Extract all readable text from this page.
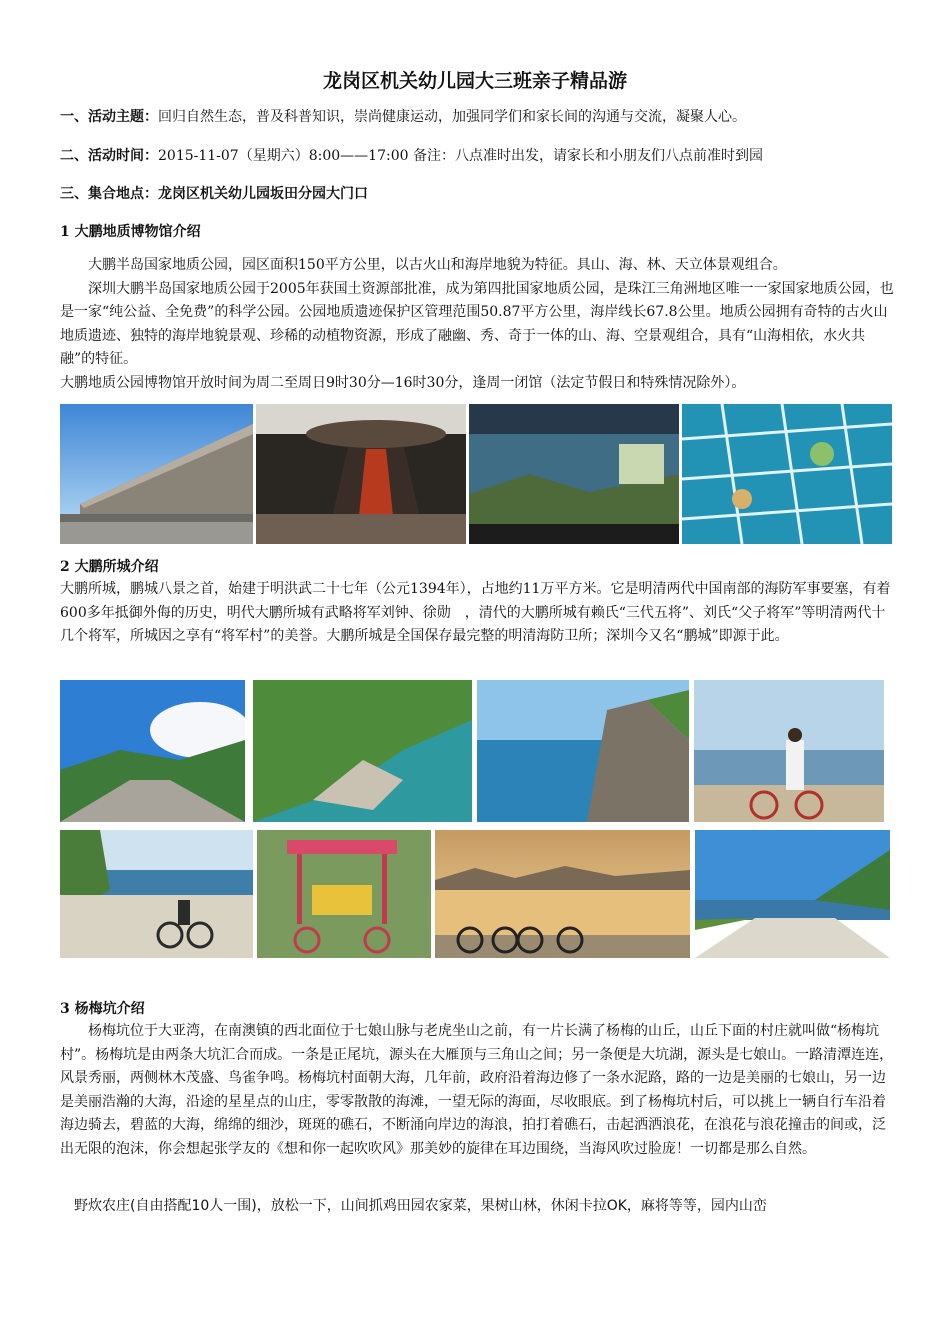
龙岗区机关幼儿园大三班亲子精品游
一、活动主题：回归自然生态，普及科普知识，崇尚健康运动，加强同学们和家长间的沟通与交流，凝聚人心。
二、活动时间：2015-11-07（星期六）8:00——17:00 备注：八点准时出发，请家长和小朋友们八点前准时到园
三、集合地点：龙岗区机关幼儿园坂田分园大门口
1 大鹏地质博物馆介绍

大鹏半岛国家地质公园，园区面积150平方公里，以古火山和海岸地貌为特征。具山、海、林、天立体景观组合。

深圳大鹏半岛国家地质公园于2005年获国土资源部批准，成为第四批国家地质公园，是珠江三角洲地区唯一一家国家地质公园，也是一家“纯公益、全免费”的科学公园。公园地质遗迹保护区管理范围50.87平方公里，海岸线长67.8公里。地质公园拥有奇特的古火山地质遗迹、独特的海岸地貌景观、珍稀的动植物资源，形成了融幽、秀、奇于一体的山、海、空景观组合，具有“山海相依，水火共融”的特征。

大鹏地质公园博物馆开放时间为周二至周日9时30分—16时30分，逢周一闭馆（法定节假日和特殊情况除外）。

2 大鹏所城介绍

大鹏所城，鹏城八景之首，始建于明洪武二十七年（公元1394年），占地约11万平方米。它是明清两代中国南部的海防军事要塞，有着600多年抵御外侮的历史，明代大鹏所城有武略将军刘钟、徐勋　，清代的大鹏所城有赖氏“三代五将”、刘氏“父子将军”等明清两代十几个将军，所城因之享有“将军村”的美誉。大鹏所城是全国保存最完整的明清海防卫所；深圳今又名“鹏城”即源于此。

3 杨梅坑介绍

杨梅坑位于大亚湾，在南澳镇的西北面位于七娘山脉与老虎坐山之前，有一片长满了杨梅的山丘，山丘下面的村庄就叫做“杨梅坑村”。杨梅坑是由两条大坑汇合而成。一条是正尾坑，源头在大雁顶与三角山之间；另一条便是大坑湖，源头是七娘山。一路清潭连连，风景秀丽，两侧林木茂盛、鸟雀争鸣。杨梅坑村面朝大海，几年前，政府沿着海边修了一条水泥路，路的一边是美丽的七娘山，另一边是美丽浩瀚的大海，沿途的星星点的山庄，零零散散的海滩，一望无际的海面，尽收眼底。到了杨梅坑村后，可以挑上一辆自行车沿着海边骑去，碧蓝的大海，绵绵的细沙，斑斑的礁石，不断涌向岸边的海浪，拍打着礁石，击起洒洒浪花，在浪花与浪花撞击的间或，泛出无限的泡沫，你会想起张学友的《想和你一起吹吹风》那美妙的旋律在耳边围绕，当海风吹过脸庞！一切都是那么自然。

野炊农庄(自由搭配10人一围)，放松一下，山间抓鸡田园农家菜，果树山林，休闲卡拉OK，麻将等等，园内山峦
